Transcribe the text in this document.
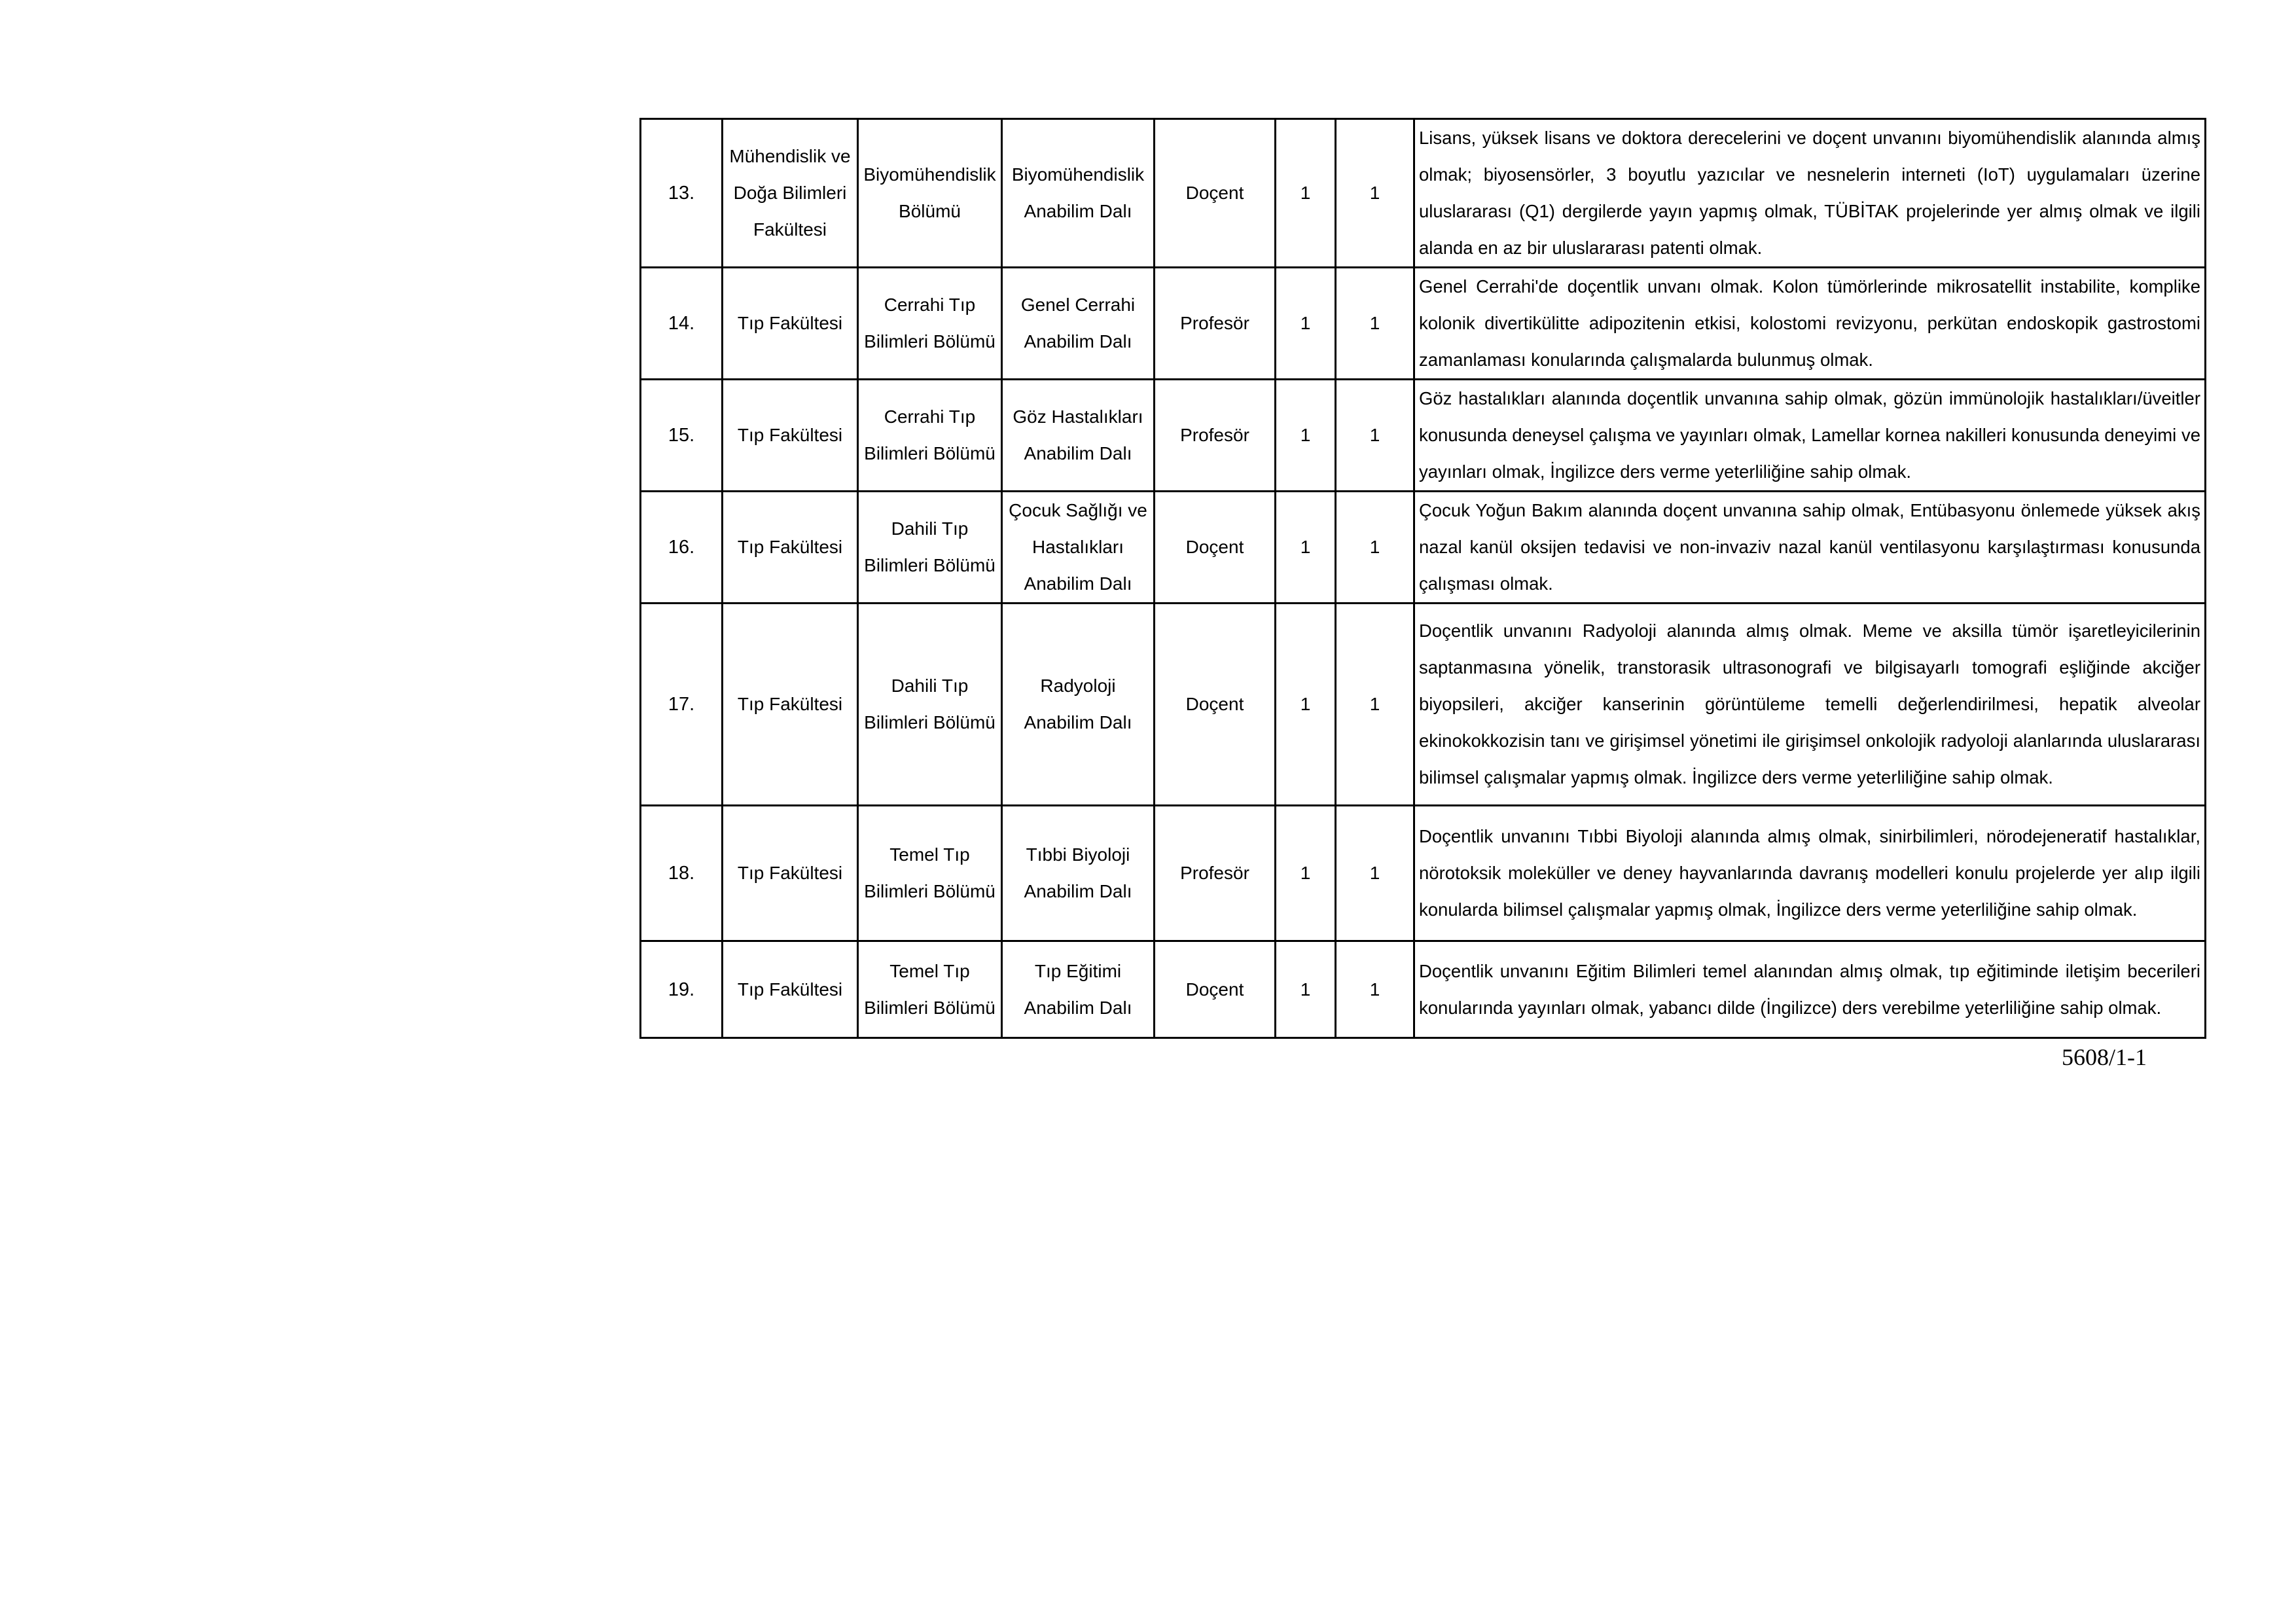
13.	Mühendislik ve Doğa Bilimleri Fakültesi	Biyomühendislik Bölümü	Biyomühendislik Anabilim Dalı	Doçent	1	1	Lisans, yüksek lisans ve doktora derecelerini ve doçent unvanını biyomühendislik alanında almış olmak; biyosensörler, 3 boyutlu yazıcılar ve nesnelerin interneti (IoT) uygulamaları üzerine uluslararası (Q1) dergilerde yayın yapmış olmak, TÜBİTAK projelerinde yer almış olmak ve ilgili alanda en az bir uluslararası patenti olmak.
14.	Tıp Fakültesi	Cerrahi Tıp Bilimleri Bölümü	Genel Cerrahi Anabilim Dalı	Profesör	1	1	Genel Cerrahi'de doçentlik unvanı olmak. Kolon tümörlerinde mikrosatellit instabilite, komplike kolonik divertikülitte adipozitenin etkisi, kolostomi revizyonu, perkütan endoskopik gastrostomi zamanlaması konularında çalışmalarda bulunmuş olmak.
15.	Tıp Fakültesi	Cerrahi Tıp Bilimleri Bölümü	Göz Hastalıkları Anabilim Dalı	Profesör	1	1	Göz hastalıkları alanında doçentlik unvanına sahip olmak, gözün immünolojik hastalıkları/üveitler konusunda deneysel çalışma ve yayınları olmak, Lamellar kornea nakilleri konusunda deneyimi ve yayınları olmak, İngilizce ders verme yeterliliğine sahip olmak.
16.	Tıp Fakültesi	Dahili Tıp Bilimleri Bölümü	Çocuk Sağlığı ve Hastalıkları Anabilim Dalı	Doçent	1	1	Çocuk Yoğun Bakım alanında doçent unvanına sahip olmak, Entübasyonu önlemede yüksek akış nazal kanül oksijen tedavisi ve non-invaziv nazal kanül ventilasyonu karşılaştırması konusunda çalışması olmak.
17.	Tıp Fakültesi	Dahili Tıp Bilimleri Bölümü	Radyoloji Anabilim Dalı	Doçent	1	1	Doçentlik unvanını Radyoloji alanında almış olmak. Meme ve aksilla tümör işaretleyicilerinin saptanmasına yönelik, transtorasik ultrasonografi ve bilgisayarlı tomografi eşliğinde akciğer biyopsileri, akciğer kanserinin görüntüleme temelli değerlendirilmesi, hepatik alveolar ekinokokkozisin tanı ve girişimsel yönetimi ile girişimsel onkolojik radyoloji alanlarında uluslararası bilimsel çalışmalar yapmış olmak. İngilizce ders verme yeterliliğine sahip olmak.
18.	Tıp Fakültesi	Temel Tıp Bilimleri Bölümü	Tıbbi Biyoloji Anabilim Dalı	Profesör	1	1	Doçentlik unvanını Tıbbi Biyoloji alanında almış olmak, sinirbilimleri, nörodejeneratif hastalıklar, nörotoksik moleküller ve deney hayvanlarında davranış modelleri konulu projelerde yer alıp ilgili konularda bilimsel çalışmalar yapmış olmak, İngilizce ders verme yeterliliğine sahip olmak.
19.	Tıp Fakültesi	Temel Tıp Bilimleri Bölümü	Tıp Eğitimi Anabilim Dalı	Doçent	1	1	Doçentlik unvanını Eğitim Bilimleri temel alanından almış olmak, tıp eğitiminde iletişim becerileri konularında yayınları olmak, yabancı dilde (İngilizce) ders verebilme yeterliliğine sahip olmak.
5608/1-1
